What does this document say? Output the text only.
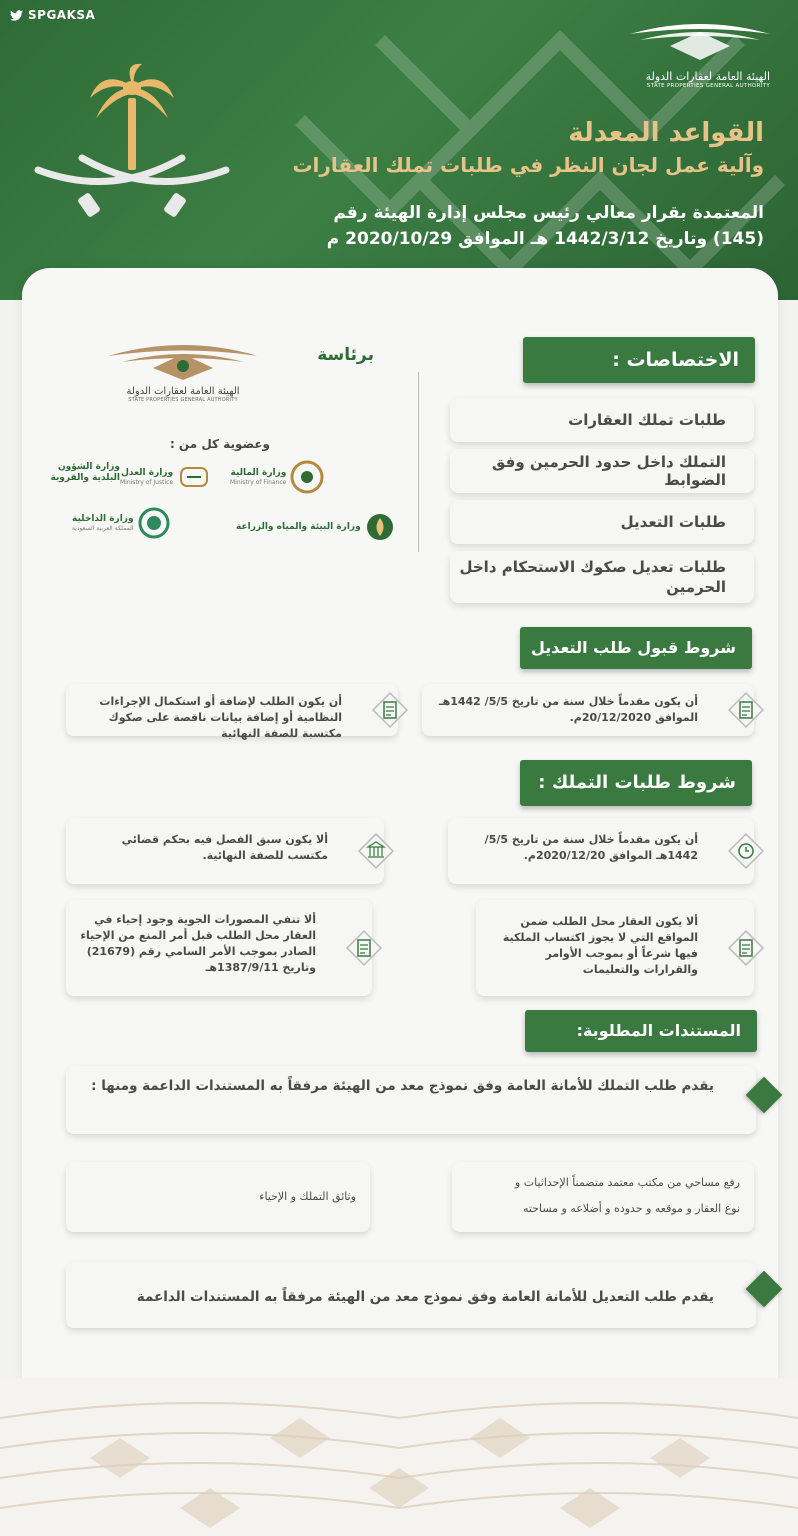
SPGAKSA
الهيئة العامة لعقارات الدولة
STATE PROPERTIES GENERAL AUTHORITY
القواعد المعدلة
وآلية عمل لجان النظر في طلبات تملك العقارات
المعتمدة بقرار معالي رئيس مجلس إدارة الهيئة رقم
(145) وتاريخ 1442/3/12 هـ الموافق 2020/10/29 م
برئاسة
الهيئة العامة لعقارات الدولة
STATE PROPERTIES GENERAL AUTHORITY
وعضوية كل من :
وزارة المالية
Ministry of Finance
وزارة العدل
Ministry of Justice
وزارة الشؤون البلدية والقروية
وزارة البيئة والمياه والزراعة
وزارة الداخلية
المملكة العربية السعودية
الاختصاصات :
طلبات تملك العقارات
التملك داخل حدود الحرمين وفق الضوابط
طلبات التعديل
طلبات تعديل صكوك الاستحكام داخل الحرمين
شروط قبول طلب التعديل
أن يكون مقدماً خلال سنة من تاريخ 5/5/ 1442هـ الموافق 20/12/2020م.
أن يكون الطلب لإضافة أو استكمال الإجراءات النظامية أو إضافة بيانات ناقصة على صكوك مكتسبة للصفة النهائية
شروط طلبات التملك :
أن يكون مقدماً خلال سنة من تاريخ 5/5/ 1442هـ الموافق 2020/12/20م.
ألا يكون سبق الفصل فيه بحكم قضائي مكتسب للصفة النهائية.
ألا يكون العقار محل الطلب ضمن المواقع التي لا يجوز اكتساب الملكية فيها شرعاً أو بموجب الأوامر والقرارات والتعليمات
ألا تنفي المصورات الجوية وجود إحياء في العقار محل الطلب قبل أمر المنع من الإحياء الصادر بموجب الأمر السامي رقم (21679) وتاريخ 1387/9/11هـ
المستندات المطلوبة:
يقدم طلب التملك للأمانة العامة وفق نموذج معد من الهيئة مرفقاً به المستندات الداعمة ومنها :
رفع مساحي من مكتب معتمد متضمناً الإحداثيات و
نوع العقار و موقعه و حدوده و أضلاعه و مساحته
وثائق التملك و الإحياء
يقدم طلب التعديل للأمانة العامة وفق نموذج معد من الهيئة مرفقاً به المستندات الداعمة
